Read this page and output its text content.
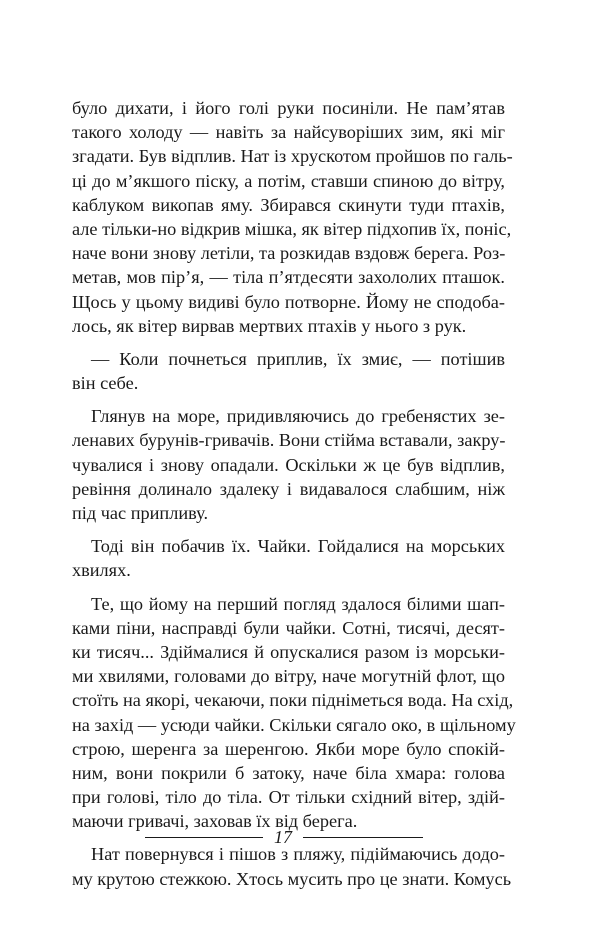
було дихати, і його голі руки посиніли. Не пам’ятав
такого холоду — навіть за найсуворіших зим, які міг
згадати. Був відплив. Нат із хрускотом пройшов по галь-
ці до м’якшого піску, а потім, ставши спиною до вітру,
каблуком викопав яму. Збирався скинути туди птахів,
але тільки-но відкрив мішка, як вітер підхопив їх, поніс,
наче вони знову летіли, та розкидав вздовж берега. Роз-
метав, мов пір’я, — тіла п’ятдесяти захололих пташок.
Щось у цьому видиві було потворне. Йому не сподоба-
лось, як вітер вирвав мертвих птахів у нього з рук.
— Коли почнеться приплив, їх змиє, — потішив
він себе.
Глянув на море, придивляючись до гребенястих зе-
ленавих бурунів-гривачів. Вони стійма вставали, закру-
чувалися і знову опадали. Оскільки ж це був відплив,
ревіння долинало здалеку і видавалося слабшим, ніж
під час припливу.
Тоді він побачив їх. Чайки. Гойдалися на морських
хвилях.
Те, що йому на перший погляд здалося білими шап-
ками піни, насправді були чайки. Сотні, тисячі, десят-
ки тисяч... Здіймалися й опускалися разом із морськи-
ми хвилями, головами до вітру, наче могутній флот, що
стоїть на якорі, чекаючи, поки підніметься вода. На схід,
на захід — усюди чайки. Скільки сягало око, в щільному
строю, шеренга за шеренгою. Якби море було спокій-
ним, вони покрили б затоку, наче біла хмара: голова
при голові, тіло до тіла. От тільки східний вітер, здій-
маючи гривачі, заховав їх від берега.
Нат повернувся і пішов з пляжу, підіймаючись додо-
му крутою стежкою. Хтось мусить про це знати. Комусь
17
